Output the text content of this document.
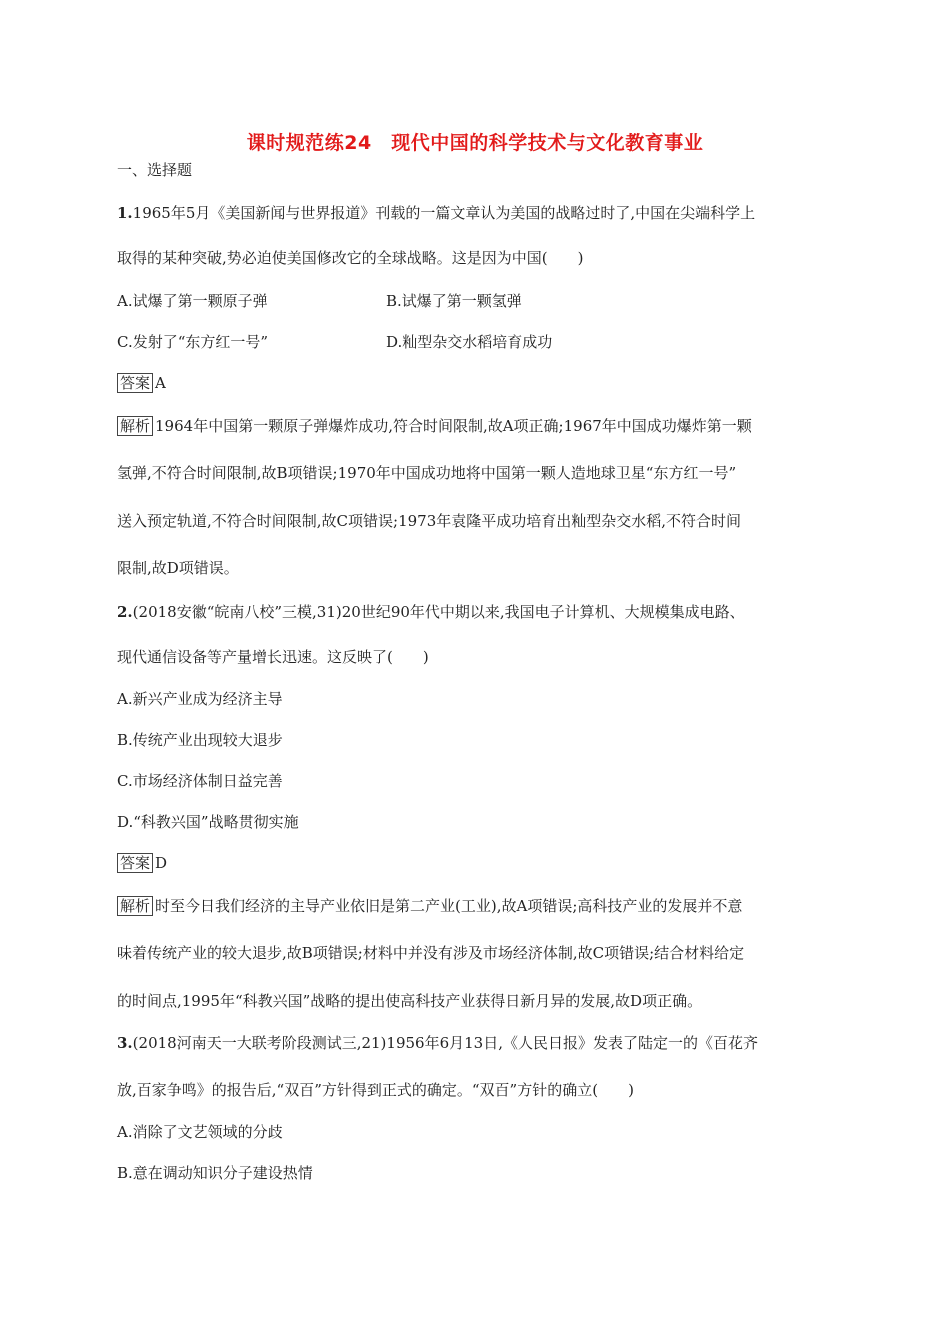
课时规范练24　现代中国的科学技术与文化教育事业
一、选择题
1.1965年5月《美国新闻与世界报道》刊载的一篇文章认为美国的战略过时了,中国在尖端科学上
取得的某种突破,势必迫使美国修改它的全球战略。这是因为中国(　　)
A.试爆了第一颗原子弹	B.试爆了第一颗氢弹
C.发射了“东方红一号”	D.籼型杂交水稻培育成功
答案 A
解析 1964年中国第一颗原子弹爆炸成功,符合时间限制,故A项正确;1967年中国成功爆炸第一颗
氢弹,不符合时间限制,故B项错误;1970年中国成功地将中国第一颗人造地球卫星“东方红一号”
送入预定轨道,不符合时间限制,故C项错误;1973年袁隆平成功培育出籼型杂交水稻,不符合时间
限制,故D项错误。
2.(2018安徽“皖南八校”三模,31)20世纪90年代中期以来,我国电子计算机、大规模集成电路、
现代通信设备等产量增长迅速。这反映了(　　)
A.新兴产业成为经济主导
B.传统产业出现较大退步
C.市场经济体制日益完善
D.“科教兴国”战略贯彻实施
答案 D
解析 时至今日我们经济的主导产业依旧是第二产业(工业),故A项错误;高科技产业的发展并不意
味着传统产业的较大退步,故B项错误;材料中并没有涉及市场经济体制,故C项错误;结合材料给定
的时间点,1995年“科教兴国”战略的提出使高科技产业获得日新月异的发展,故D项正确。
3.(2018河南天一大联考阶段测试三,21)1956年6月13日,《人民日报》发表了陆定一的《百花齐
放,百家争鸣》的报告后,“双百”方针得到正式的确定。“双百”方针的确立(　　)
A.消除了文艺领域的分歧
B.意在调动知识分子建设热情
